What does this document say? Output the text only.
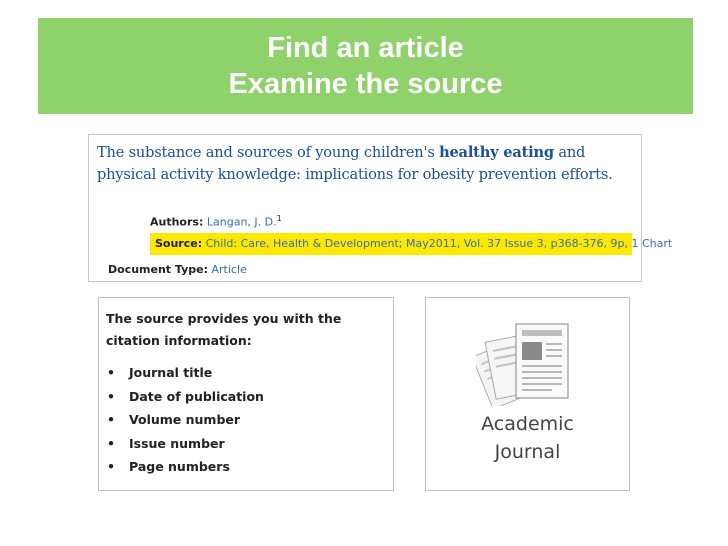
Find an article
Examine the source
The substance and sources of young children's healthy eating and physical activity knowledge: implications for obesity prevention efforts.
Authors: Langan, J. D.$^1$
Source: Child: Care, Health & Development; May2011, Vol. 37 Issue 3, p368-376, 9p, 1 Chart
Document Type: Article
The source provides you with the citation information:
• Journal title
• Date of publication
• Volume number
• Issue number
• Page numbers
Academic
Journal
